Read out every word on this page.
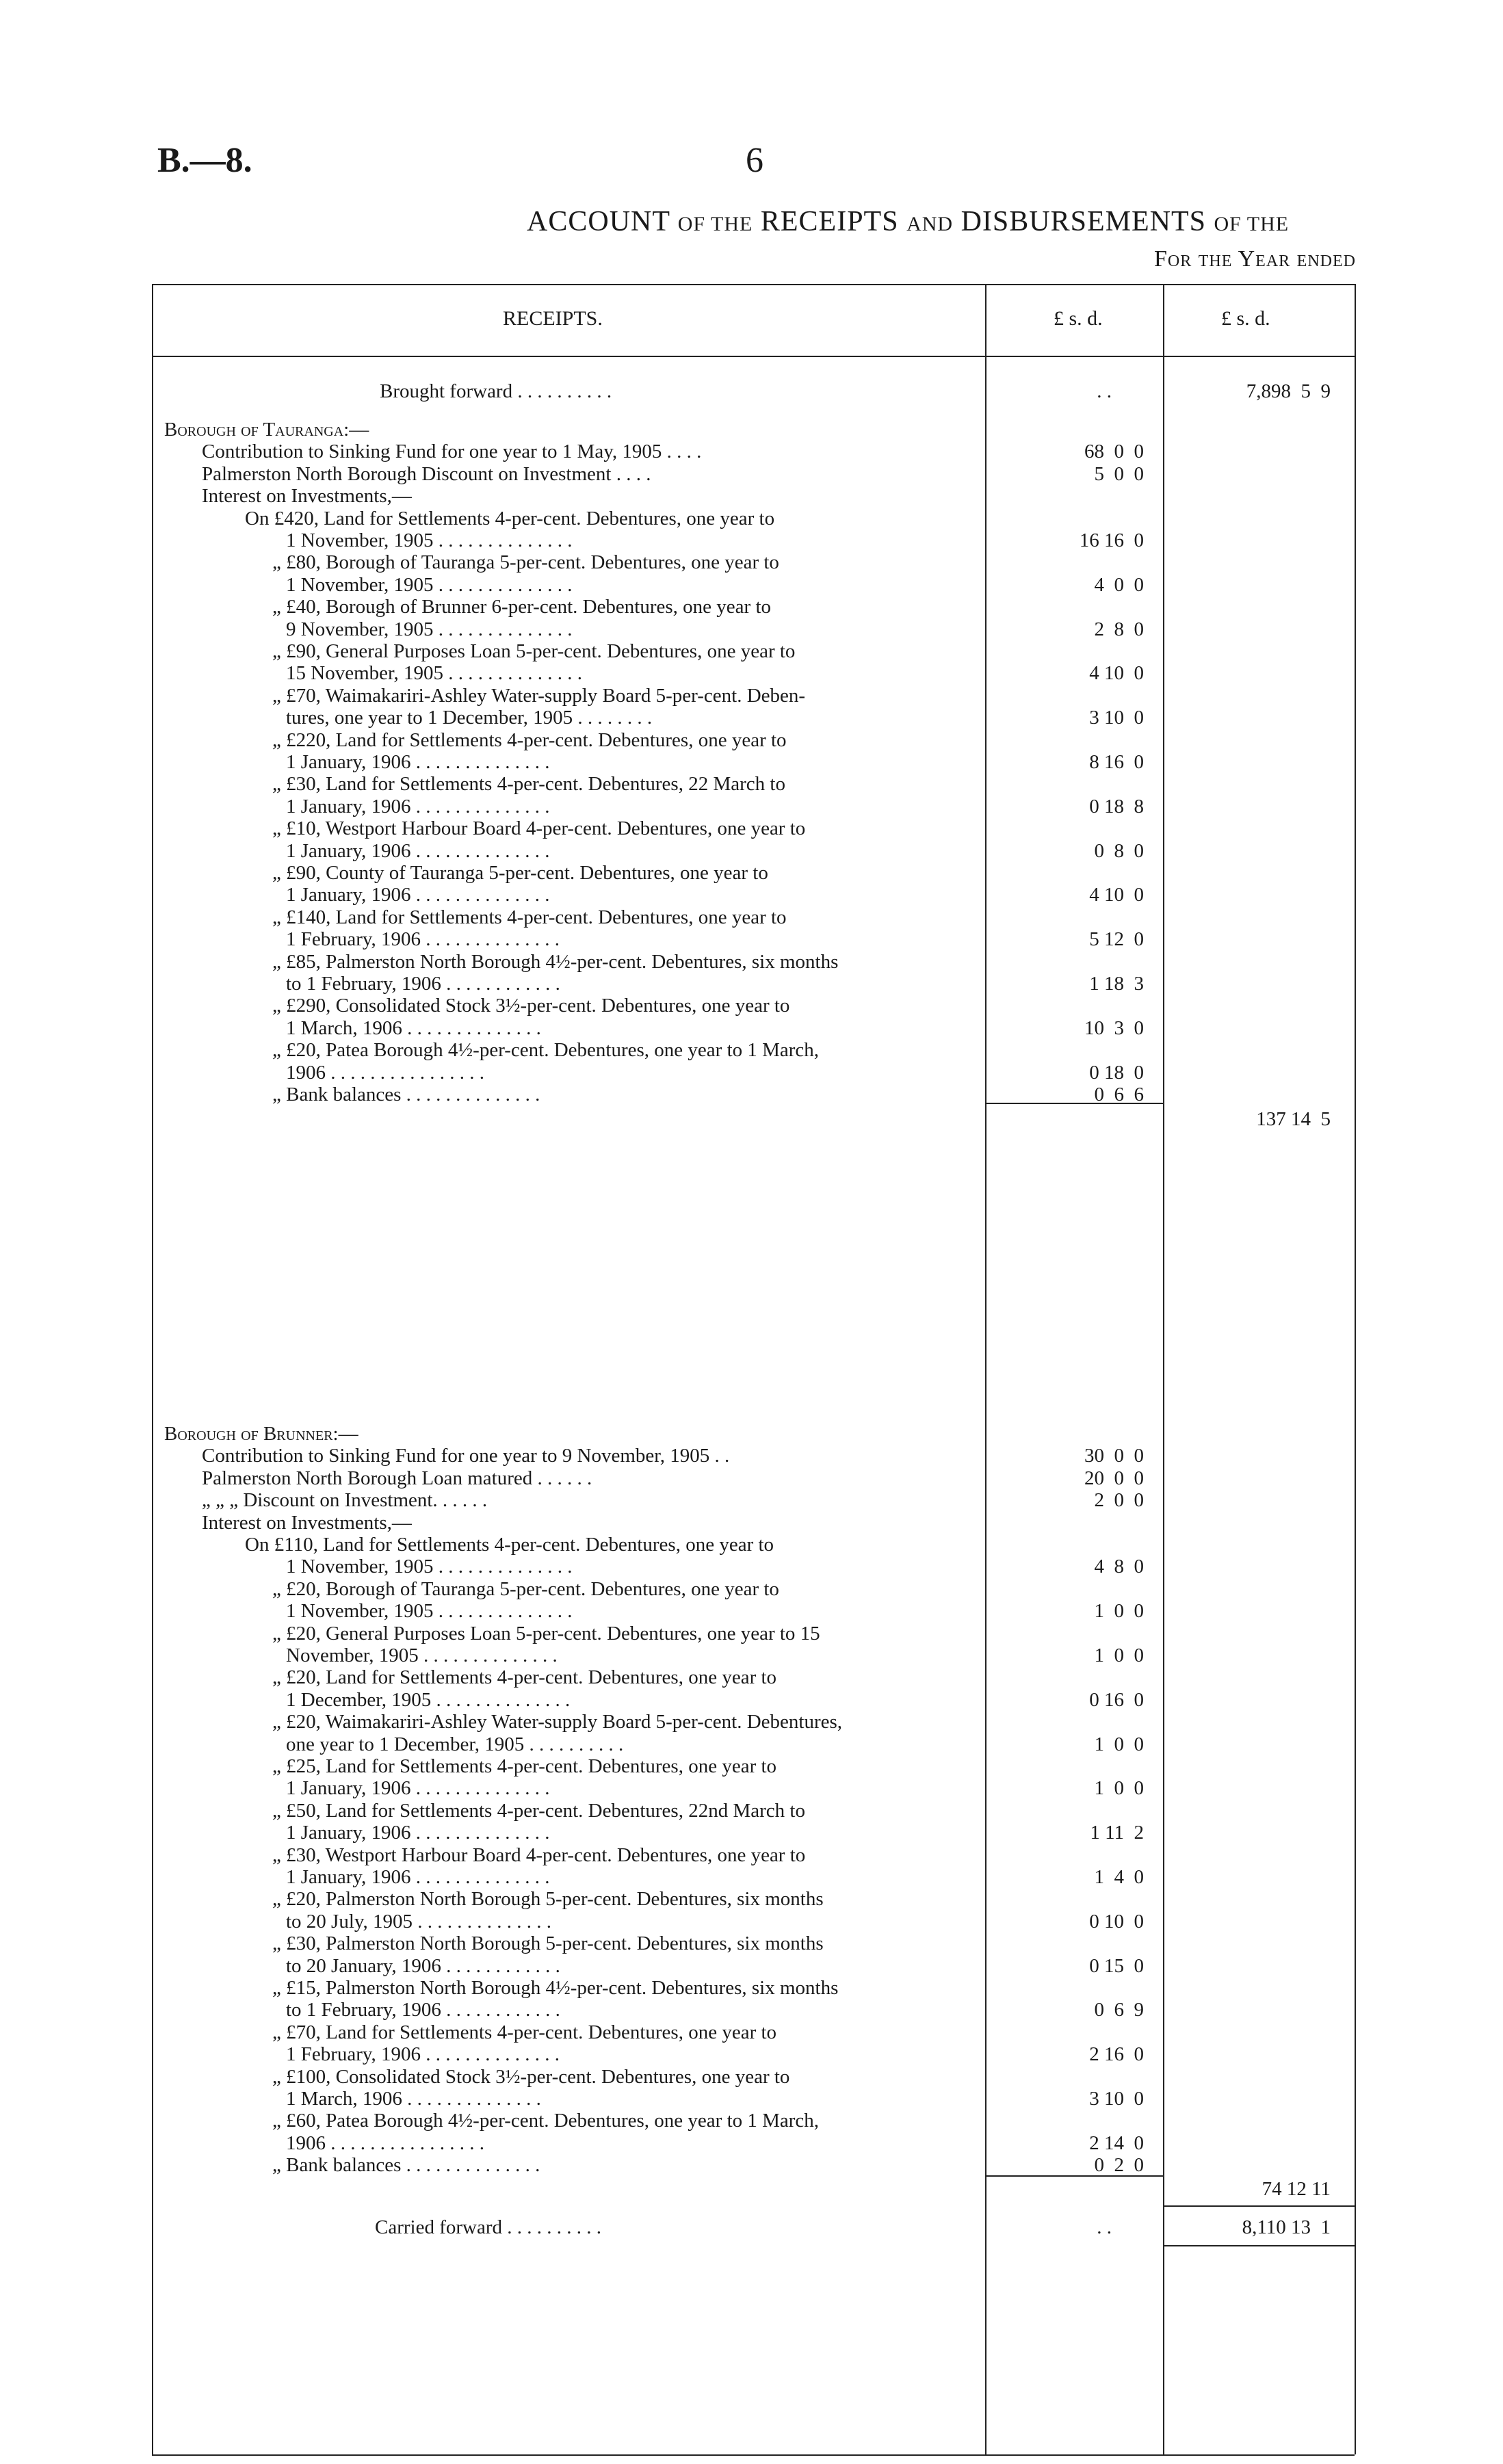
B.—8.	6
ACCOUNT OF THE RECEIPTS AND DISBURSEMENTS OF THE
For the Year ended
RECEIPTS.	£ s. d.	£ s. d.
Brought forward . . . . . . . . . .	. .	7,898  5  9
Borough of Tauranga:—
Contribution to Sinking Fund for one year to 1 May, 1905 . . . .	68  0  0
Palmerston North Borough Discount on Investment . . . .	5  0  0
Interest on Investments,—
On £420, Land for Settlements 4-per-cent. Debentures, one year to
1 November, 1905 . . . . . . . . . . . . . .	16 16  0
„ £80, Borough of Tauranga 5-per-cent. Debentures, one year to
1 November, 1905 . . . . . . . . . . . . . .	4  0  0
„ £40, Borough of Brunner 6-per-cent. Debentures, one year to
9 November, 1905 . . . . . . . . . . . . . .	2  8  0
„ £90, General Purposes Loan 5-per-cent. Debentures, one year to
15 November, 1905 . . . . . . . . . . . . . .	4 10  0
„ £70, Waimakariri-Ashley Water-supply Board 5-per-cent. Deben-
tures, one year to 1 December, 1905 . . . . . . . .	3 10  0
„ £220, Land for Settlements 4-per-cent. Debentures, one year to
1 January, 1906 . . . . . . . . . . . . . .	8 16  0
„ £30, Land for Settlements 4-per-cent. Debentures, 22 March to
1 January, 1906 . . . . . . . . . . . . . .	0 18  8
„ £10, Westport Harbour Board 4-per-cent. Debentures, one year to
1 January, 1906 . . . . . . . . . . . . . .	0  8  0
„ £90, County of Tauranga 5-per-cent. Debentures, one year to
1 January, 1906 . . . . . . . . . . . . . .	4 10  0
„ £140, Land for Settlements 4-per-cent. Debentures, one year to
1 February, 1906 . . . . . . . . . . . . . .	5 12  0
„ £85, Palmerston North Borough 4½-per-cent. Debentures, six months
to 1 February, 1906 . . . . . . . . . . . .	1 18  3
„ £290, Consolidated Stock 3½-per-cent. Debentures, one year to
1 March, 1906 . . . . . . . . . . . . . .	10  3  0
„ £20, Patea Borough 4½-per-cent. Debentures, one year to 1 March,
1906 . . . . . . . . . . . . . . . .	0 18  0
„ Bank balances . . . . . . . . . . . . . .	0  6  6
137 14  5
Borough of Brunner:—
Contribution to Sinking Fund for one year to 9 November, 1905 . .	30  0  0
Palmerston North Borough Loan matured . . . . . .	20  0  0
„ „ „ Discount on Investment. . . . . .	2  0  0
Interest on Investments,—
On £110, Land for Settlements 4-per-cent. Debentures, one year to
1 November, 1905 . . . . . . . . . . . . . .	4  8  0
„ £20, Borough of Tauranga 5-per-cent. Debentures, one year to
1 November, 1905 . . . . . . . . . . . . . .	1  0  0
„ £20, General Purposes Loan 5-per-cent. Debentures, one year to 15
November, 1905 . . . . . . . . . . . . . .	1  0  0
„ £20, Land for Settlements 4-per-cent. Debentures, one year to
1 December, 1905 . . . . . . . . . . . . . .	0 16  0
„ £20, Waimakariri-Ashley Water-supply Board 5-per-cent. Debentures,
one year to 1 December, 1905 . . . . . . . . . .	1  0  0
„ £25, Land for Settlements 4-per-cent. Debentures, one year to
1 January, 1906 . . . . . . . . . . . . . .	1  0  0
„ £50, Land for Settlements 4-per-cent. Debentures, 22nd March to
1 January, 1906 . . . . . . . . . . . . . .	1 11  2
„ £30, Westport Harbour Board 4-per-cent. Debentures, one year to
1 January, 1906 . . . . . . . . . . . . . .	1  4  0
„ £20, Palmerston North Borough 5-per-cent. Debentures, six months
to 20 July, 1905 . . . . . . . . . . . . . .	0 10  0
„ £30, Palmerston North Borough 5-per-cent. Debentures, six months
to 20 January, 1906 . . . . . . . . . . . .	0 15  0
„ £15, Palmerston North Borough 4½-per-cent. Debentures, six months
to 1 February, 1906 . . . . . . . . . . . .	0  6  9
„ £70, Land for Settlements 4-per-cent. Debentures, one year to
1 February, 1906 . . . . . . . . . . . . . .	2 16  0
„ £100, Consolidated Stock 3½-per-cent. Debentures, one year to
1 March, 1906 . . . . . . . . . . . . . .	3 10  0
„ £60, Patea Borough 4½-per-cent. Debentures, one year to 1 March,
1906 . . . . . . . . . . . . . . . .	2 14  0
„ Bank balances . . . . . . . . . . . . . .	0  2  0
74 12 11
Carried forward . . . . . . . . . .	. .	8,110 13  1
